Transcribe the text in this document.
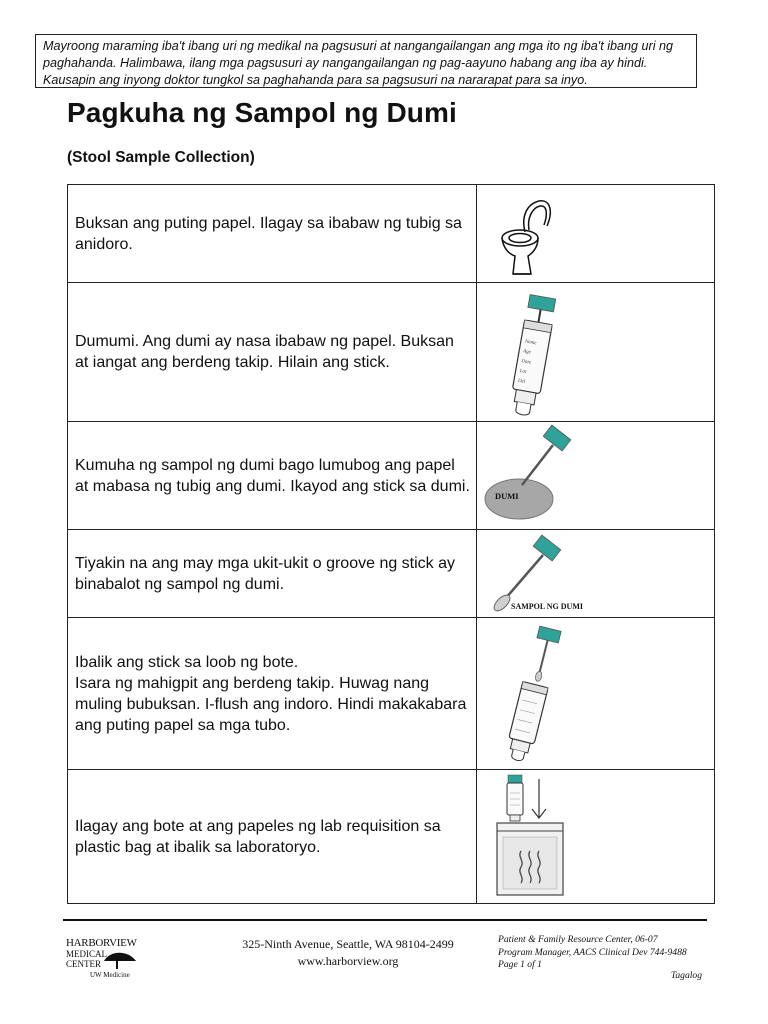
Mayroong maraming iba't ibang uri ng medikal na pagsusuri at nangangailangan ang mga ito ng iba't ibang uri ng paghahanda. Halimbawa, ilang mga pagsusuri ay nangangailangan ng pag-aayuno habang ang iba ay hindi. Kausapin ang inyong doktor tungkol sa paghahanda para sa pagsusuri na nararapat para sa inyo.
Pagkuha ng Sampol ng Dumi
(Stool Sample Collection)
Buksan ang puting papel. Ilagay sa ibabaw ng tubig sa anidoro.	

Dumumi. Ang dumi ay nasa ibabaw ng papel. Buksan at iangat ang berdeng takip. Hilain ang stick.	Name
Age
Date
Lot
Del

Kumuha ng sampol ng dumi bago lumubog ang papel at mabasa ng tubig ang dumi. Ikayod ang stick sa dumi.	DUMI

Tiyakin na ang may mga ukit-ukit o groove ng stick ay binabalot ng sampol ng dumi.	SAMPOL NG DUMI

Ibalik ang stick sa loob ng bote.
Isara ng mahigpit ang berdeng takip. Huwag nang muling bubuksan. I-flush ang indoro. Hindi makakabara ang puting papel sa mga tubo.	

Ilagay ang bote at ang papeles ng lab requisition sa plastic bag at ibalik sa laboratoryo.	
HARBORVIEW
MEDICAL
CENTER
UW Medicine
325-Ninth Avenue, Seattle, WA 98104-2499
www.harborview.org
Patient & Family Resource Center, 06-07
Program Manager, AACS Clinical Dev 744-9488
Page 1 of 1
Tagalog
